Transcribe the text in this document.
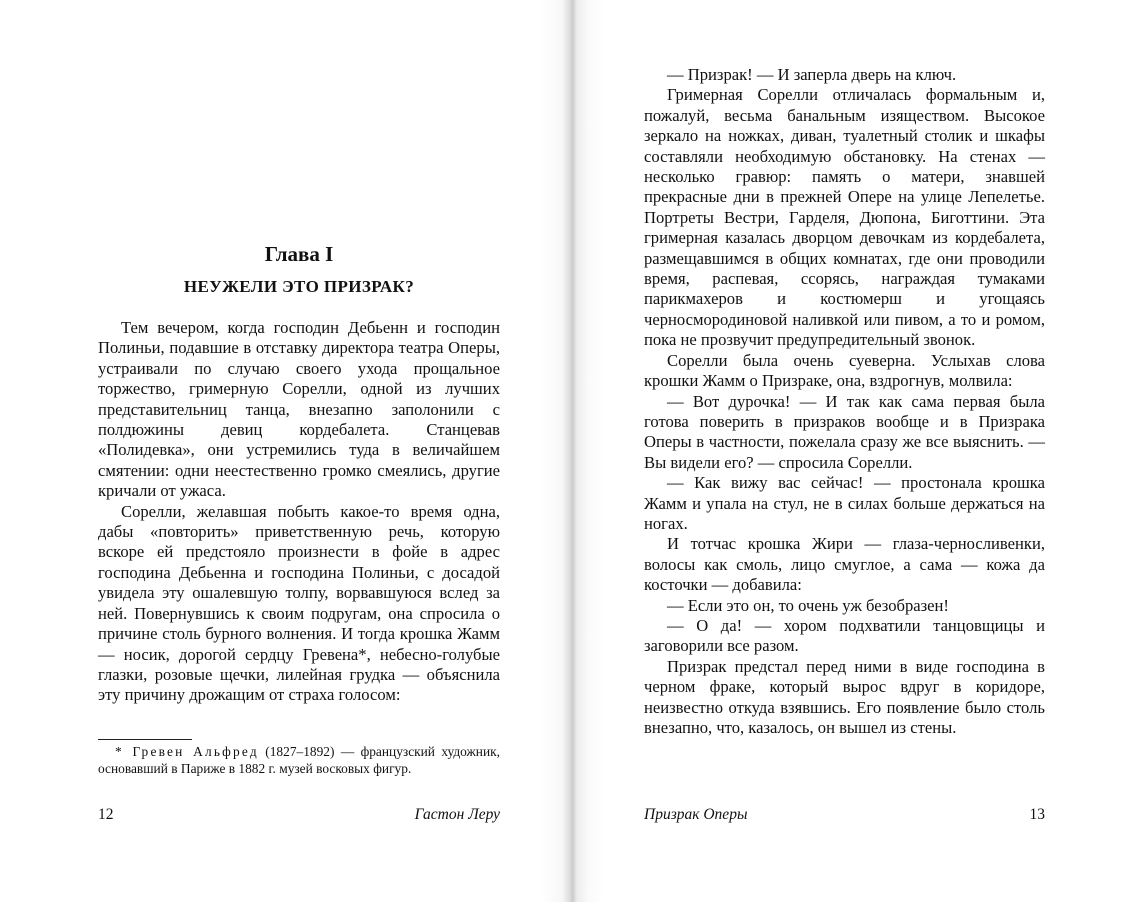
Глава I
НЕУЖЕЛИ ЭТО ПРИЗРАК?

Тем вечером, когда господин Дебьенн и господин Полиньи, подавшие в отставку директора театра Оперы, устраивали по случаю своего ухода прощальное торжество, гримерную Сорелли, одной из лучших представительниц танца, внезапно заполонили с полдюжины девиц кордебалета. Станцевав «Полидевка», они устремились туда в величайшем смятении: одни неестественно громко смеялись, другие кричали от ужаса.

Сорелли, желавшая побыть какое-то время одна, дабы «повторить» приветственную речь, которую вскоре ей предстояло произнести в фойе в адрес господина Дебьенна и господина Полиньи, с досадой увидела эту ошалевшую толпу, ворвавшуюся вслед за ней. Повернувшись к своим подругам, она спросила о причине столь бурного волнения. И тогда крошка Жамм — носик, дорогой сердцу Гревена*, небесно-голубые глазки, розовые щечки, лилейная грудка — объяснила эту причину дрожащим от страха голосом:

* Гревен Альфред (1827–1892) — французский художник, основавший в Париже в 1882 г. музей восковых фигур.

12	Гастон Леру

— Призрак! — И заперла дверь на ключ.

Гримерная Сорелли отличалась формальным и, пожалуй, весьма банальным изяществом. Высокое зеркало на ножках, диван, туалетный столик и шкафы составляли необходимую обстановку. На стенах — несколько гравюр: память о матери, знавшей прекрасные дни в прежней Опере на улице Лепелетье. Портреты Вестри, Гарделя, Дюпона, Биготтини. Эта гримерная казалась дворцом девочкам из кордебалета, размещавшимся в общих комнатах, где они проводили время, распевая, ссорясь, награждая тумаками парикмахеров и костюмерш и угощаясь черносмородиновой наливкой или пивом, а то и ромом, пока не прозвучит предупредительный звонок.

Сорелли была очень суеверна. Услыхав слова крошки Жамм о Призраке, она, вздрогнув, молвила:

— Вот дурочка! — И так как сама первая была готова поверить в призраков вообще и в Призрака Оперы в частности, пожелала сразу же все выяснить. — Вы видели его? — спросила Сорелли.

— Как вижу вас сейчас! — простонала крошка Жамм и упала на стул, не в силах больше держаться на ногах.

И тотчас крошка Жири — глаза-черносливенки, волосы как смоль, лицо смуглое, а сама — кожа да косточки — добавила:

— Если это он, то очень уж безобразен!

— О да! — хором подхватили танцовщицы и заговорили все разом.

Призрак предстал перед ними в виде господина в черном фраке, который вырос вдруг в коридоре, неизвестно откуда взявшись. Его появление было столь внезапно, что, казалось, он вышел из стены.

Призрак Оперы	13
